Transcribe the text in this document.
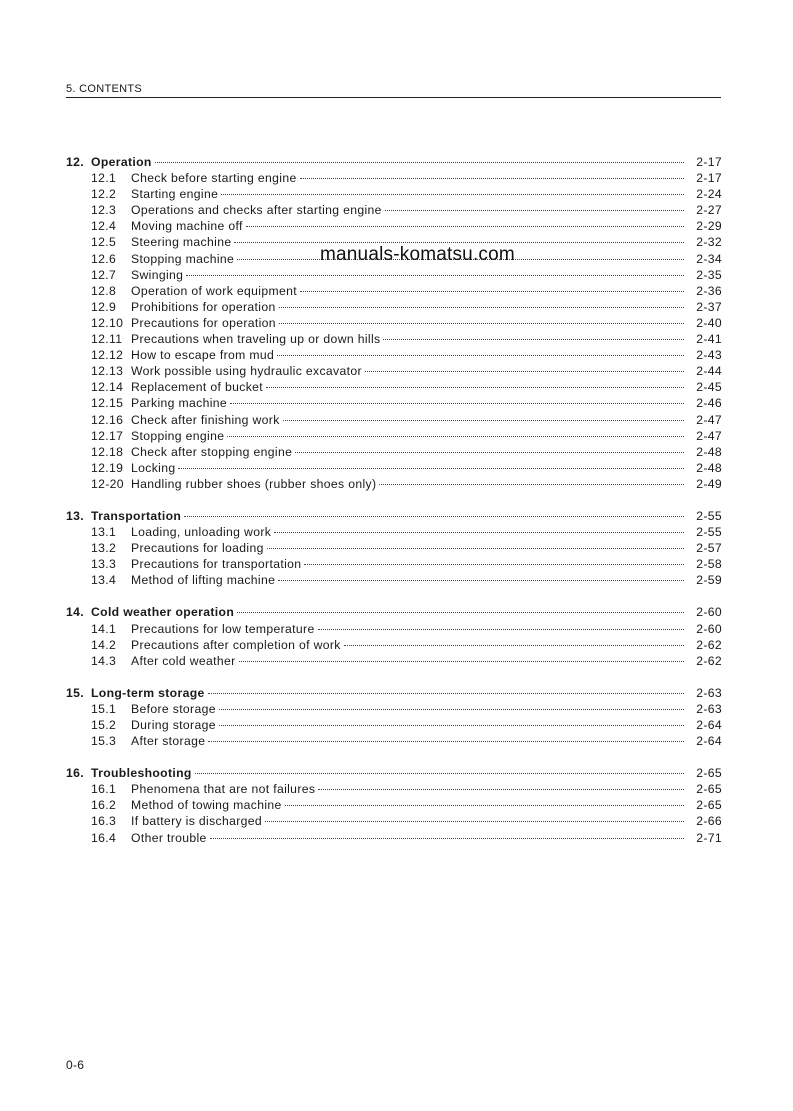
5. CONTENTS
12. Operation	2-17
12.1	Check before starting engine	2-17
12.2	Starting engine	2-24
12.3	Operations and checks after starting engine	2-27
12.4	Moving machine off	2-29
12.5	Steering machine	2-32
12.6	Stopping machine	2-34
12.7	Swinging	2-35
12.8	Operation of work equipment	2-36
12.9	Prohibitions for operation	2-37
12.10 Precautions for operation	2-40
12.11 Precautions when traveling up or down hills	2-41
12.12 How to escape from mud	2-43
12.13 Work possible using hydraulic excavator	2-44
12.14 Replacement of bucket	2-45
12.15 Parking machine	2-46
12.16 Check after finishing work	2-47
12.17 Stopping engine	2-47
12.18 Check after stopping engine	2-48
12.19 Locking	2-48
12-20 Handling rubber shoes (rubber shoes only)	2-49
13. Transportation	2-55
13.1	Loading, unloading work	2-55
13.2	Precautions for loading	2-57
13.3	Precautions for transportation	2-58
13.4	Method of lifting machine	2-59
14. Cold weather operation	2-60
14.1	Precautions for low temperature	2-60
14.2	Precautions after completion of work	2-62
14.3	After cold weather	2-62
15. Long-term storage	2-63
15.1	Before storage	2-63
15.2	During storage	2-64
15.3	After storage	2-64
16. Troubleshooting	2-65
16.1	Phenomena that are not failures	2-65
16.2	Method of towing machine	2-65
16.3	If battery is discharged	2-66
16.4	Other trouble	2-71
manuals-komatsu.com
0-6
